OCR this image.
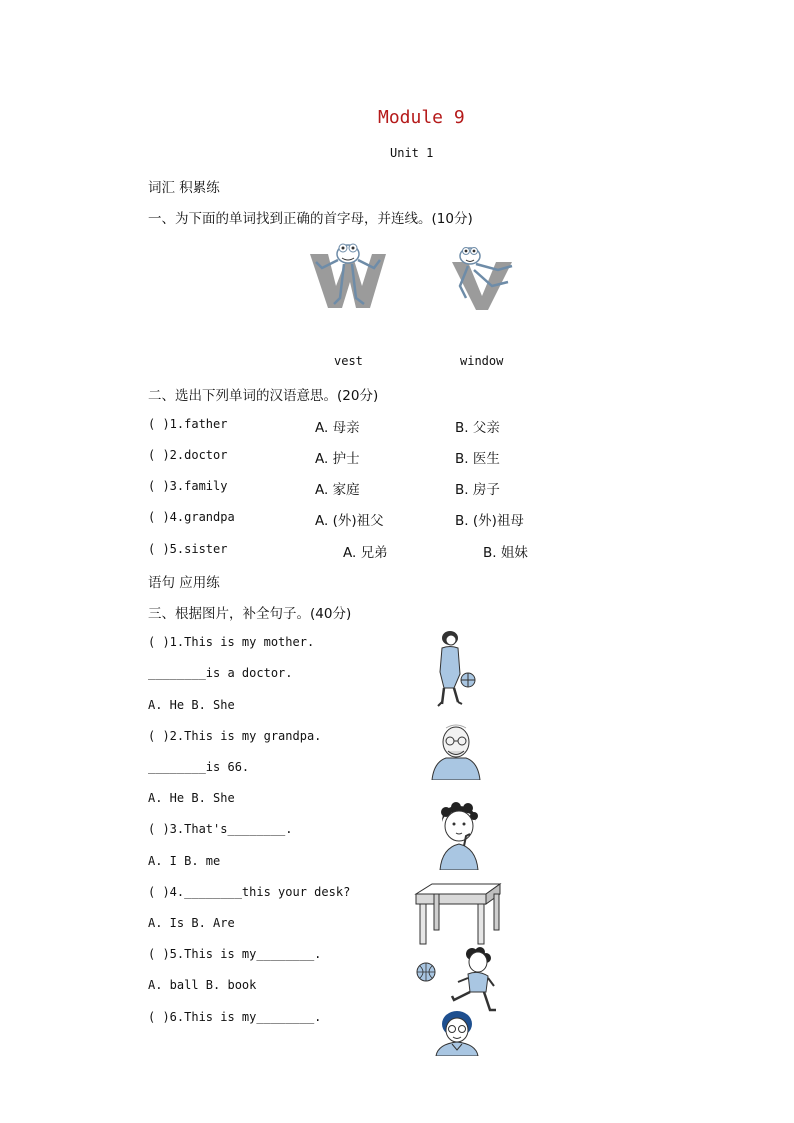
Module 9
Unit 1
词汇 积累练
一、为下面的单词找到正确的首字母，并连线。(10分)
vest	window
二、选出下列单词的汉语意思。(20分)
( )1.father	A. 母亲	B. 父亲
( )2.doctor	A. 护士	B. 医生
( )3.family	A. 家庭	B. 房子
( )4.grandpa	A. (外)祖父	B. (外)祖母
( )5.sister	A. 兄弟	B. 姐妹
语句 应用练
三、根据图片，补全句子。(40分)
( )1.This is my mother.
________is a doctor.
A. He B. She
( )2.This is my grandpa.
________is 66.
A. He B. She
( )3.That's________.
A. I B. me
( )4.________this your desk?
A. Is B. Are
( )5.This is my________.
A. ball B. book
( )6.This is my________.
